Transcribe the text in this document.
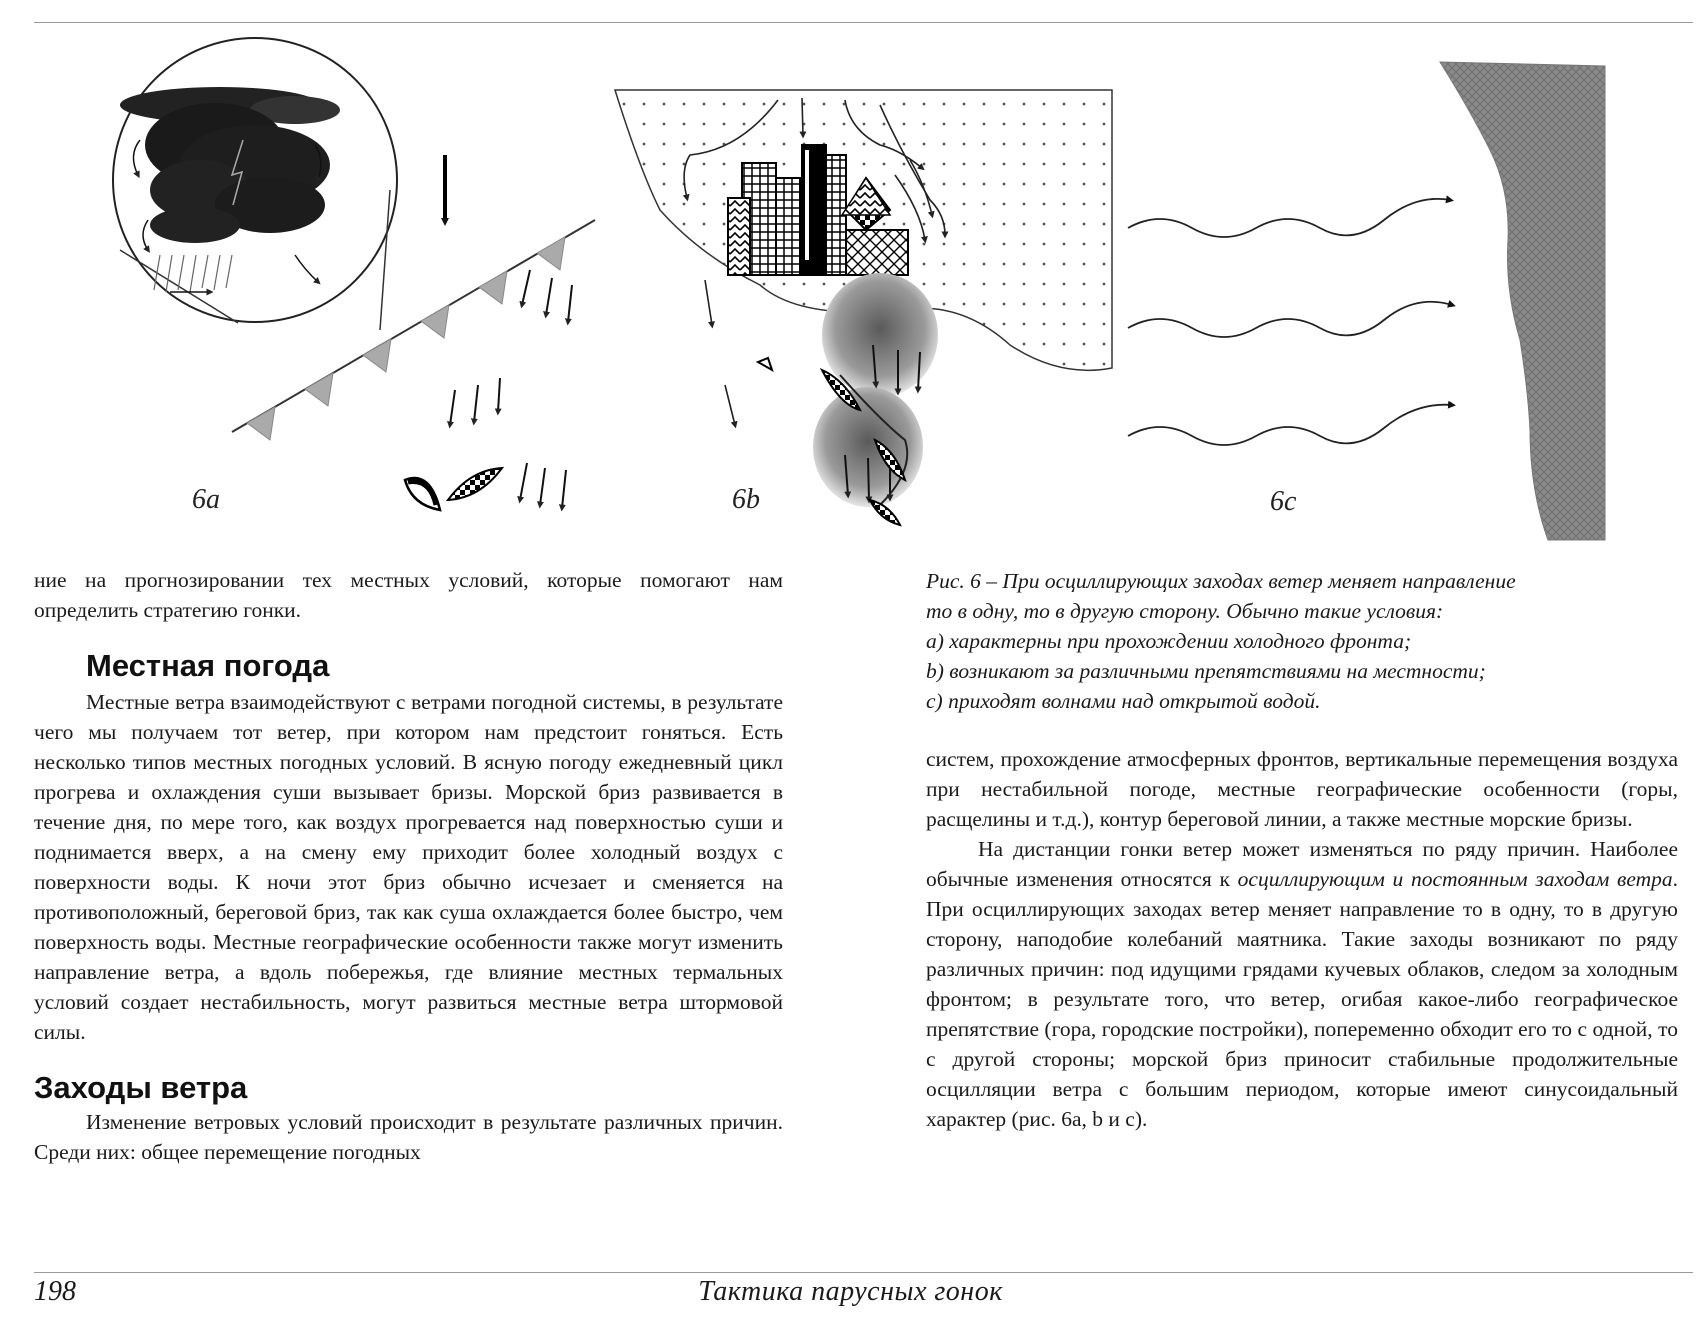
6a	6b	6c

ние на прогнозировании тех местных условий, которые помогают нам определить стратегию гонки.

Местная погода

Местные ветра взаимодействуют с ветрами погодной системы, в результате чего мы получаем тот ветер, при котором нам предстоит гоняться. Есть несколько типов местных погодных условий. В ясную погоду ежедневный цикл прогрева и охлаждения суши вызывает бризы. Морской бриз развивается в течение дня, по мере того, как воздух прогревается над поверхностью суши и поднимается вверх, а на смену ему приходит более холодный воздух с поверхности воды. К ночи этот бриз обычно исчезает и сменяется на противоположный, береговой бриз, так как суша охлаждается более быстро, чем поверхность воды. Местные географические особенности также могут изменить направление ветра, а вдоль побережья, где влияние местных термальных условий создает нестабильность, могут развиться местные ветра штормовой силы.

Заходы ветра

Изменение ветровых условий происходит в результате различных причин. Среди них: общее перемещение погодных

Рис. 6 – При осциллирующих заходах ветер меняет направление
то в одну, то в другую сторону. Обычно такие условия:
a) характерны при прохождении холодного фронта;
b) возникают за различными препятствиями на местности;
c) приходят волнами над открытой водой.

систем, прохождение атмосферных фронтов, вертикальные перемещения воздуха при нестабильной погоде, местные географические особенности (горы, расщелины и т.д.), контур береговой линии, а также местные морские бризы.

На дистанции гонки ветер может изменяться по ряду причин. Наиболее обычные изменения относятся к осциллирующим и постоянным заходам ветра. При осциллирующих заходах ветер меняет направление то в одну, то в другую сторону, наподобие колебаний маятника. Такие заходы возникают по ряду различных причин: под идущими грядами кучевых облаков, следом за холодным фронтом; в результате того, что ветер, огибая какое-либо географическое препятствие (гора, городские постройки), попеременно обходит его то с одной, то с другой стороны; морской бриз приносит стабильные продолжительные осцилляции ветра с большим периодом, которые имеют синусоидальный характер (рис. 6a, b и c).

198	Тактика парусных гонок
